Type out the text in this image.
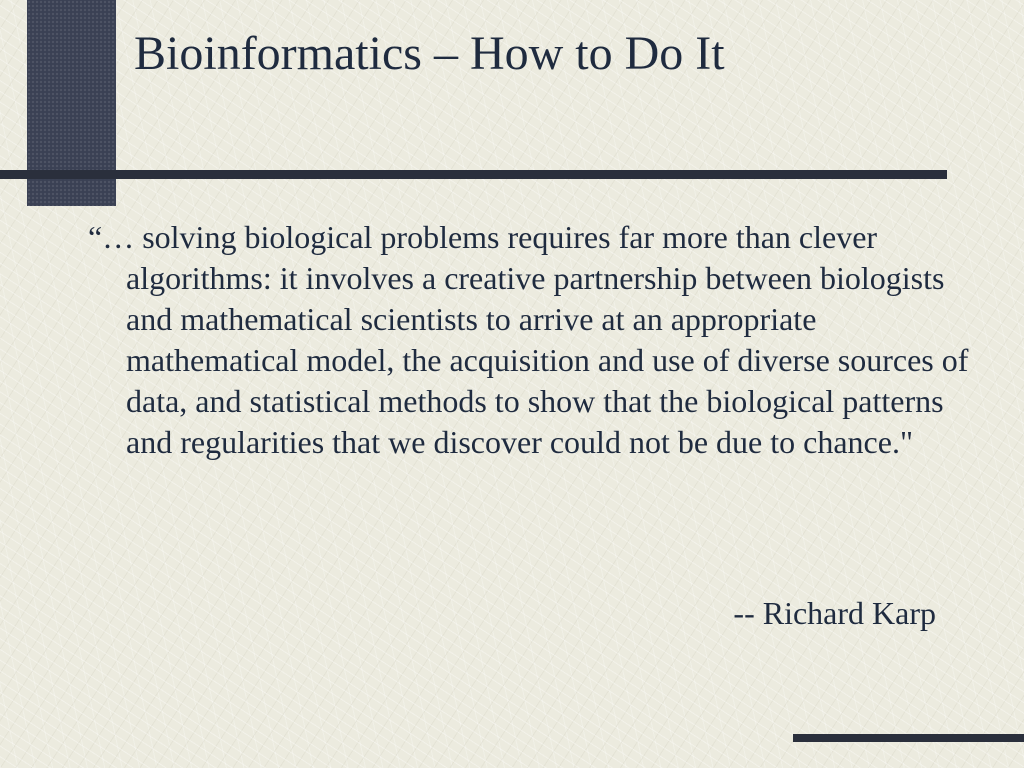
Bioinformatics – How to Do It

“… solving biological problems requires far more than clever algorithms: it involves a creative partnership between biologists and mathematical scientists to arrive at an appropriate mathematical model, the acquisition and use of diverse sources of data, and statistical methods to show that the biological patterns and regularities that we discover could not be due to chance."

-- Richard Karp
